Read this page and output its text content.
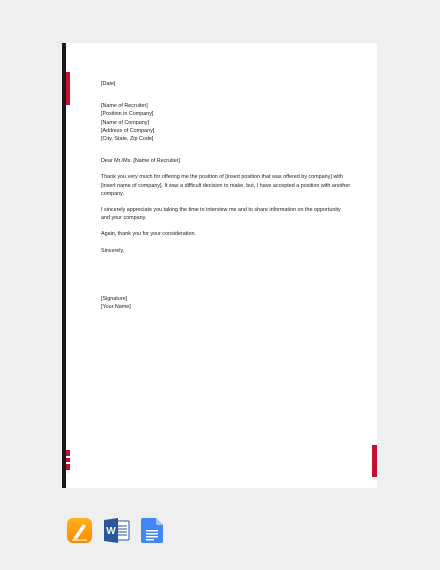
[Date]

[Name of Recruiter]

[Position in Company]

[Name of Company]

[Address of Company]

[City, State, Zip Code]

Dear Mr./Ms. [Name of Recruiter]

Thank you very much for offering me the position of [insert position that was offered by company] with [insert name of company]. It was a difficult decision to make, but, I have accepted a position with another company.

I sincerely appreciate you taking the time to interview me and to share information on the opportunity and your company.

Again, thank you for your consideration.

Sincerely,

[Signature]

[Your Name]

W
